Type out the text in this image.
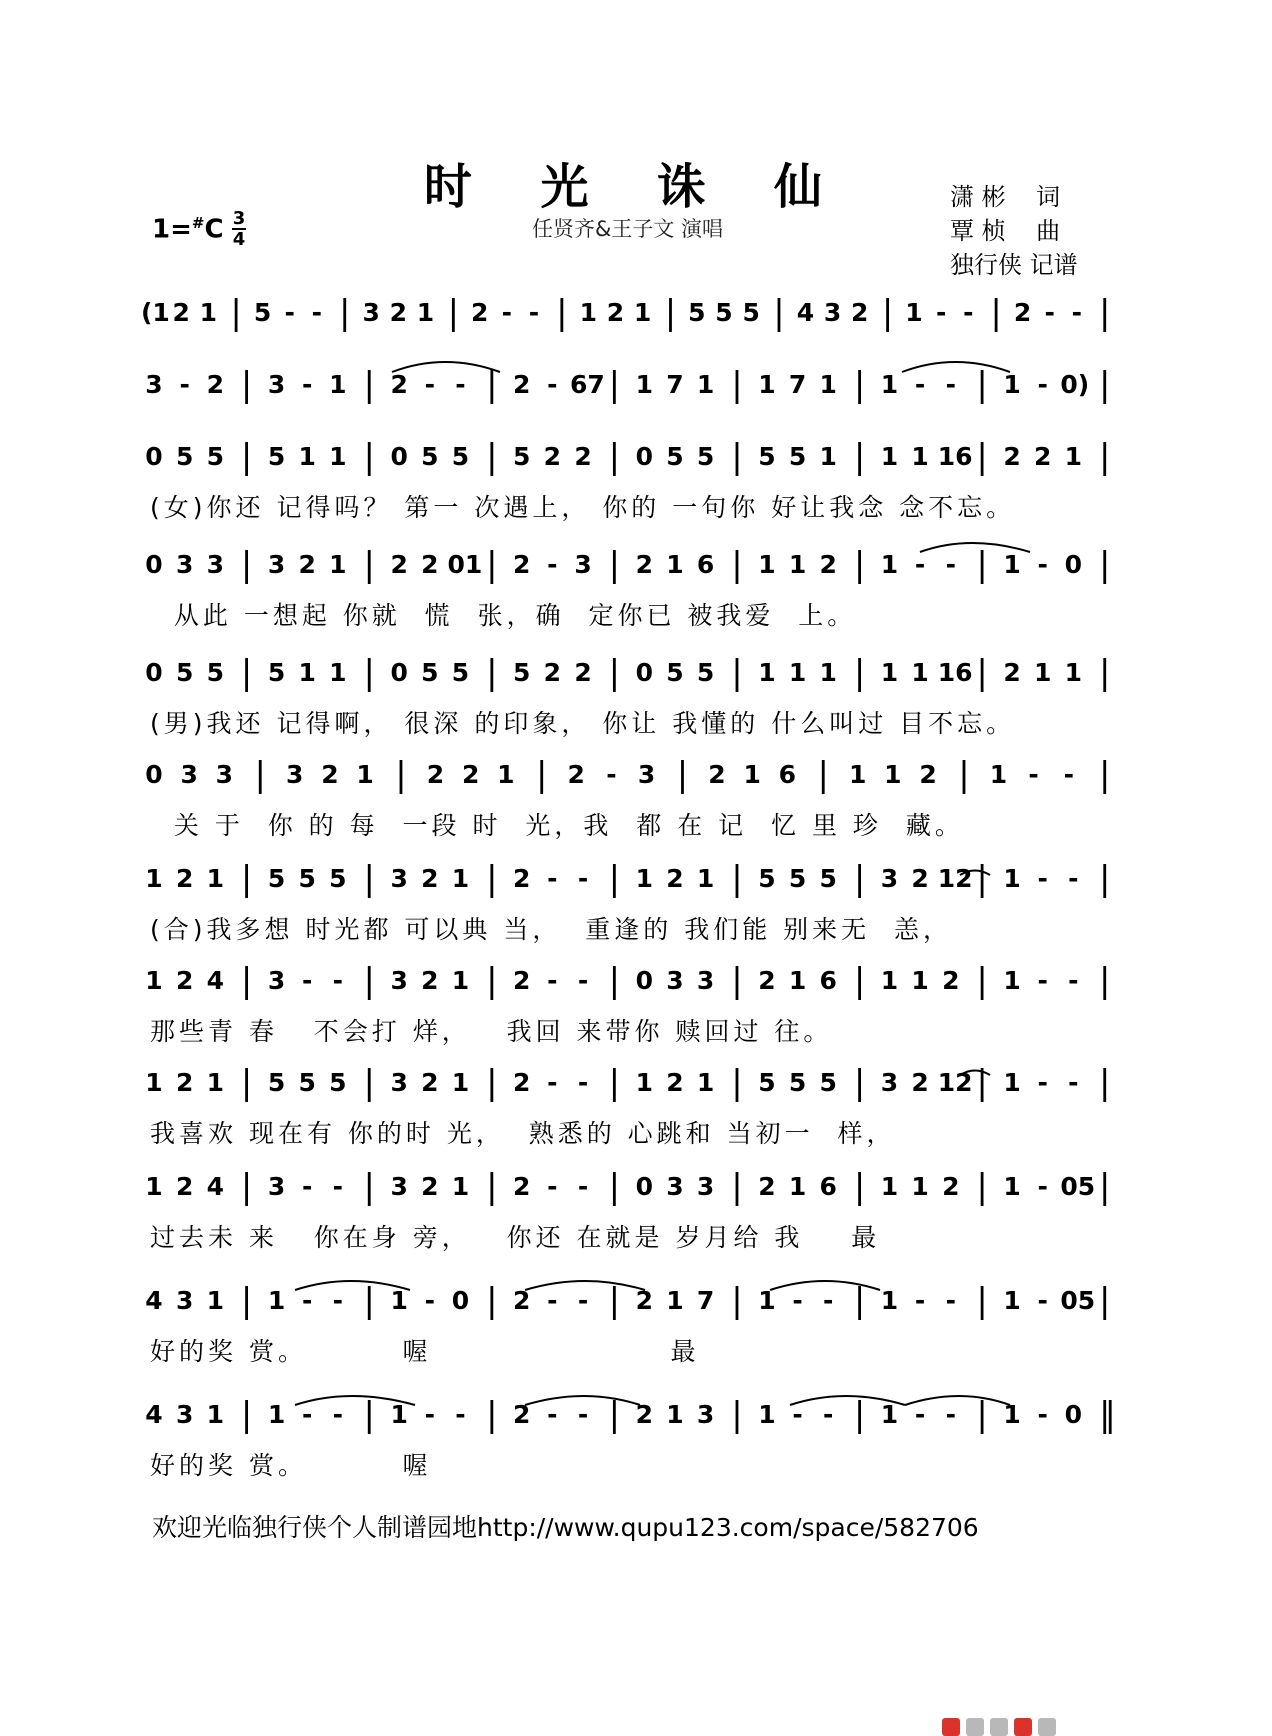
时 光 诛 仙
任贤齐&王子文 演唱
1=#C 3
4
潇 彬    词
覃 桢    曲
独行侠 记谱
(1 2 1 | 5 - - | 3 2 1 | 2 - - | 1 2 1 | 5 5 5 | 4 3 2 | 1 - - | 2 - - |
3 - 2 | 3 - 1 | 2 - - | 2 - 67 | 1 7 1 | 1 7 1 | 1 - - | 1 - 0) |
0 5 5 | 5 1 1 | 0 5 5 | 5 2 2 | 0 5 5 | 5 5 1 | 1 1 16 | 2 2 1 |
(女)你还 记得吗？ 第一 次遇上， 你的 一句你 好让我念 念不忘。
0 3 3 | 3 2 1 | 2 2 01 | 2 - 3 | 2 1 6 | 1 1 2 | 1 - - | 1 - 0 |
从此 一想起 你就  慌  张，确  定你已 被我爱  上。
0 5 5 | 5 1 1 | 0 5 5 | 5 2 2 | 0 5 5 | 1 1 1 | 1 1 16 | 2 1 1 |
(男)我还 记得啊， 很深 的印象， 你让 我懂的 什么叫过 目不忘。
0 3 3 | 3 2 1 | 2 2 1 | 2 - 3 | 2 1 6 | 1 1 2 | 1 - - |
关 于  你 的 每  一段 时  光，我  都 在 记  忆 里 珍  藏。
1 2 1 | 5 5 5 | 3 2 1 | 2 - - | 1 2 1 | 5 5 5 | 3 2 12 | 1 - - |
(合)我多想 时光都 可以典 当，  重逢的 我们能 别来无  恙，
1 2 4 | 3 - - | 3 2 1 | 2 - - | 0 3 3 | 2 1 6 | 1 1 2 | 1 - - |
那些青 春   不会打 烊，   我回 来带你 赎回过 往。
1 2 1 | 5 5 5 | 3 2 1 | 2 - - | 1 2 1 | 5 5 5 | 3 2 12 | 1 - - |
我喜欢 现在有 你的时 光，  熟悉的 心跳和 当初一  样，
1 2 4 | 3 - - | 3 2 1 | 2 - - | 0 3 3 | 2 1 6 | 1 1 2 | 1 - 05 |
过去未 来   你在身 旁，   你还 在就是 岁月给 我    最
4 3 1 | 1 - - | 1 - 0 | 2 - - | 2 1 7 | 1 - - | 1 - - | 1 - 05 |
好的奖 赏。        喔                    最
4 3 1 | 1 - - | 1 - - | 2 - - | 2 1 3 | 1 - - | 1 - - | 1 - 0 ‖
好的奖 赏。        喔
欢迎光临独行侠个人制谱园地http://www.qupu123.com/space/582706
